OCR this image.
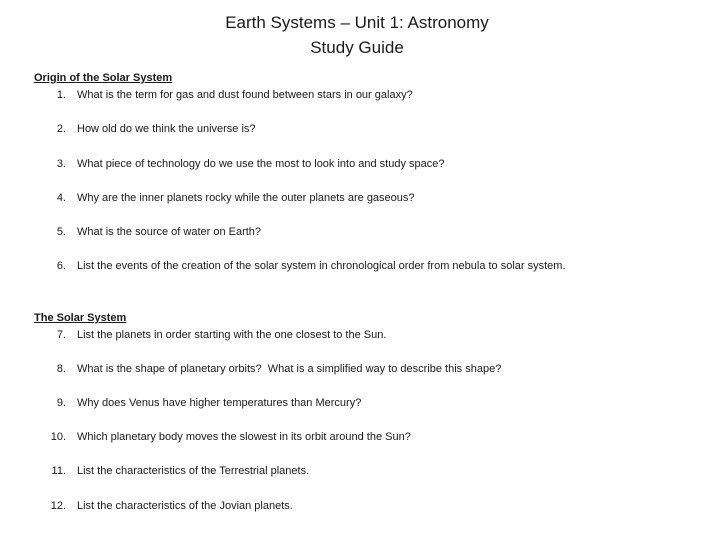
Earth Systems – Unit 1: Astronomy
Study Guide
Origin of the Solar System
1. What is the term for gas and dust found between stars in our galaxy?
2. How old do we think the universe is?
3. What piece of technology do we use the most to look into and study space?
4. Why are the inner planets rocky while the outer planets are gaseous?
5. What is the source of water on Earth?
6. List the events of the creation of the solar system in chronological order from nebula to solar system.
The Solar System
7. List the planets in order starting with the one closest to the Sun.
8. What is the shape of planetary orbits?  What is a simplified way to describe this shape?
9. Why does Venus have higher temperatures than Mercury?
10. Which planetary body moves the slowest in its orbit around the Sun?
11. List the characteristics of the Terrestrial planets.
12. List the characteristics of the Jovian planets.
